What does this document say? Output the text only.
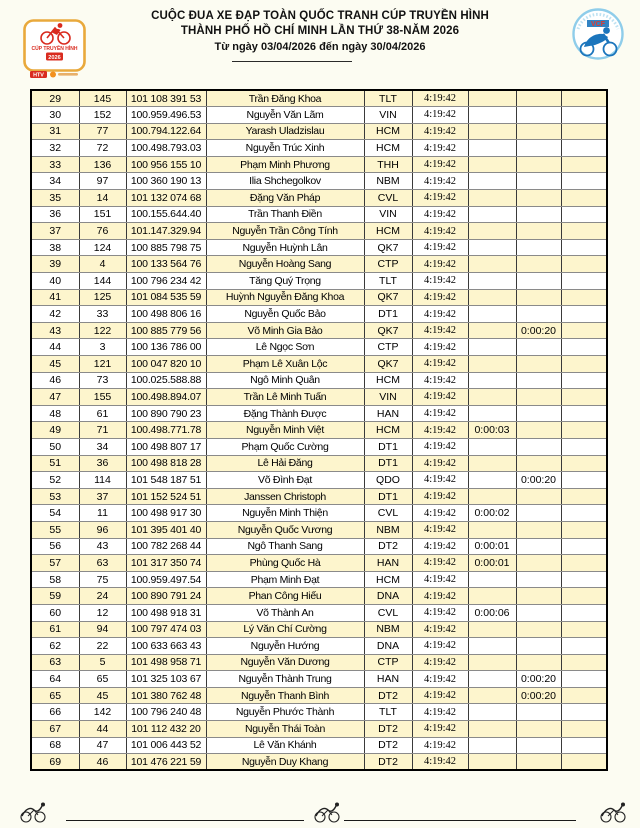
CUỘC ĐUA XE ĐẠP TOÀN QUỐC TRANH CÚP TRUYỀN HÌNH
THÀNH PHỐ HỒ CHÍ MINH LẦN THỨ 38-NĂM 2026
Từ ngày 03/04/2026 đến ngày 30/04/2026
CÚP TRUYỀN HÌNH
2026
HTV
VCF
29	145	101 108 391 53	Trần Đăng Khoa	TLT	4:19:42			
30	152	100.959.496.53	Nguyễn Văn Lãm	VIN	4:19:42			
31	77	100.794.122.64	Yarash Uladzislau	HCM	4:19:42			
32	72	100.498.793.03	Nguyễn Trúc Xinh	HCM	4:19:42			
33	136	100 956 155 10	Phạm Minh Phương	THH	4:19:42			
34	97	100 360 190 13	Ilia Shchegolkov	NBM	4:19:42			
35	14	101 132 074 68	Đặng Văn Pháp	CVL	4:19:42			
36	151	100.155.644.40	Trần Thanh Điền	VIN	4:19:42			
37	76	101.147.329.94	Nguyễn Trần Công Tính	HCM	4:19:42			
38	124	100 885 798 75	Nguyễn Huỳnh Lân	QK7	4:19:42			
39	4	100 133 564 76	Nguyễn Hoàng Sang	CTP	4:19:42			
40	144	100 796 234 42	Tăng Quý Trọng	TLT	4:19:42			
41	125	101 084 535 59	Huỳnh Nguyễn Đăng Khoa	QK7	4:19:42			
42	33	100 498 806 16	Nguyễn Quốc Bảo	DT1	4:19:42			
43	122	100 885 779 56	Võ Minh Gia Bảo	QK7	4:19:42		0:00:20	
44	3	100 136 786 00	Lê Ngọc Sơn	CTP	4:19:42			
45	121	100 047 820 10	Phạm Lê Xuân Lộc	QK7	4:19:42			
46	73	100.025.588.88	Ngô Minh Quân	HCM	4:19:42			
47	155	100.498.894.07	Trần Lê Minh Tuấn	VIN	4:19:42			
48	61	100 890 790 23	Đặng Thành Được	HAN	4:19:42			
49	71	100.498.771.78	Nguyễn Minh Việt	HCM	4:19:42	0:00:03		
50	34	100 498 807 17	Phạm Quốc Cường	DT1	4:19:42			
51	36	100 498 818 28	Lê Hải Đăng	DT1	4:19:42			
52	114	101 548 187 51	Võ Đình Đạt	QDO	4:19:42		0:00:20	
53	37	101 152 524 51	Janssen Christoph	DT1	4:19:42			
54	11	100 498 917 30	Nguyễn Minh Thiện	CVL	4:19:42	0:00:02		
55	96	101 395 401 40	Nguyễn Quốc Vương	NBM	4:19:42			
56	43	100 782 268 44	Ngô Thanh Sang	DT2	4:19:42	0:00:01		
57	63	101 317 350 74	Phùng Quốc Hà	HAN	4:19:42	0:00:01		
58	75	100.959.497.54	Phạm Minh Đạt	HCM	4:19:42			
59	24	100 890 791 24	Phan Công Hiếu	DNA	4:19:42			
60	12	100 498 918 31	Võ Thành An	CVL	4:19:42	0:00:06		
61	94	100 797 474 03	Lý Văn Chí Cường	NBM	4:19:42			
62	22	100 633 663 43	Nguyễn Hướng	DNA	4:19:42			
63	5	101 498 958 71	Nguyễn Văn Dương	CTP	4:19:42			
64	65	101 325 103 67	Nguyễn Thành Trung	HAN	4:19:42		0:00:20	
65	45	101 380 762 48	Nguyễn Thanh Bình	DT2	4:19:42		0:00:20	
66	142	100 796 240 48	Nguyễn Phước Thành	TLT	4:19:42			
67	44	101 112 432 20	Nguyễn Thái Toàn	DT2	4:19:42			
68	47	101 006 443 52	Lê Văn Khánh	DT2	4:19:42			
69	46	101 476 221 59	Nguyễn Duy Khang	DT2	4:19:42			
